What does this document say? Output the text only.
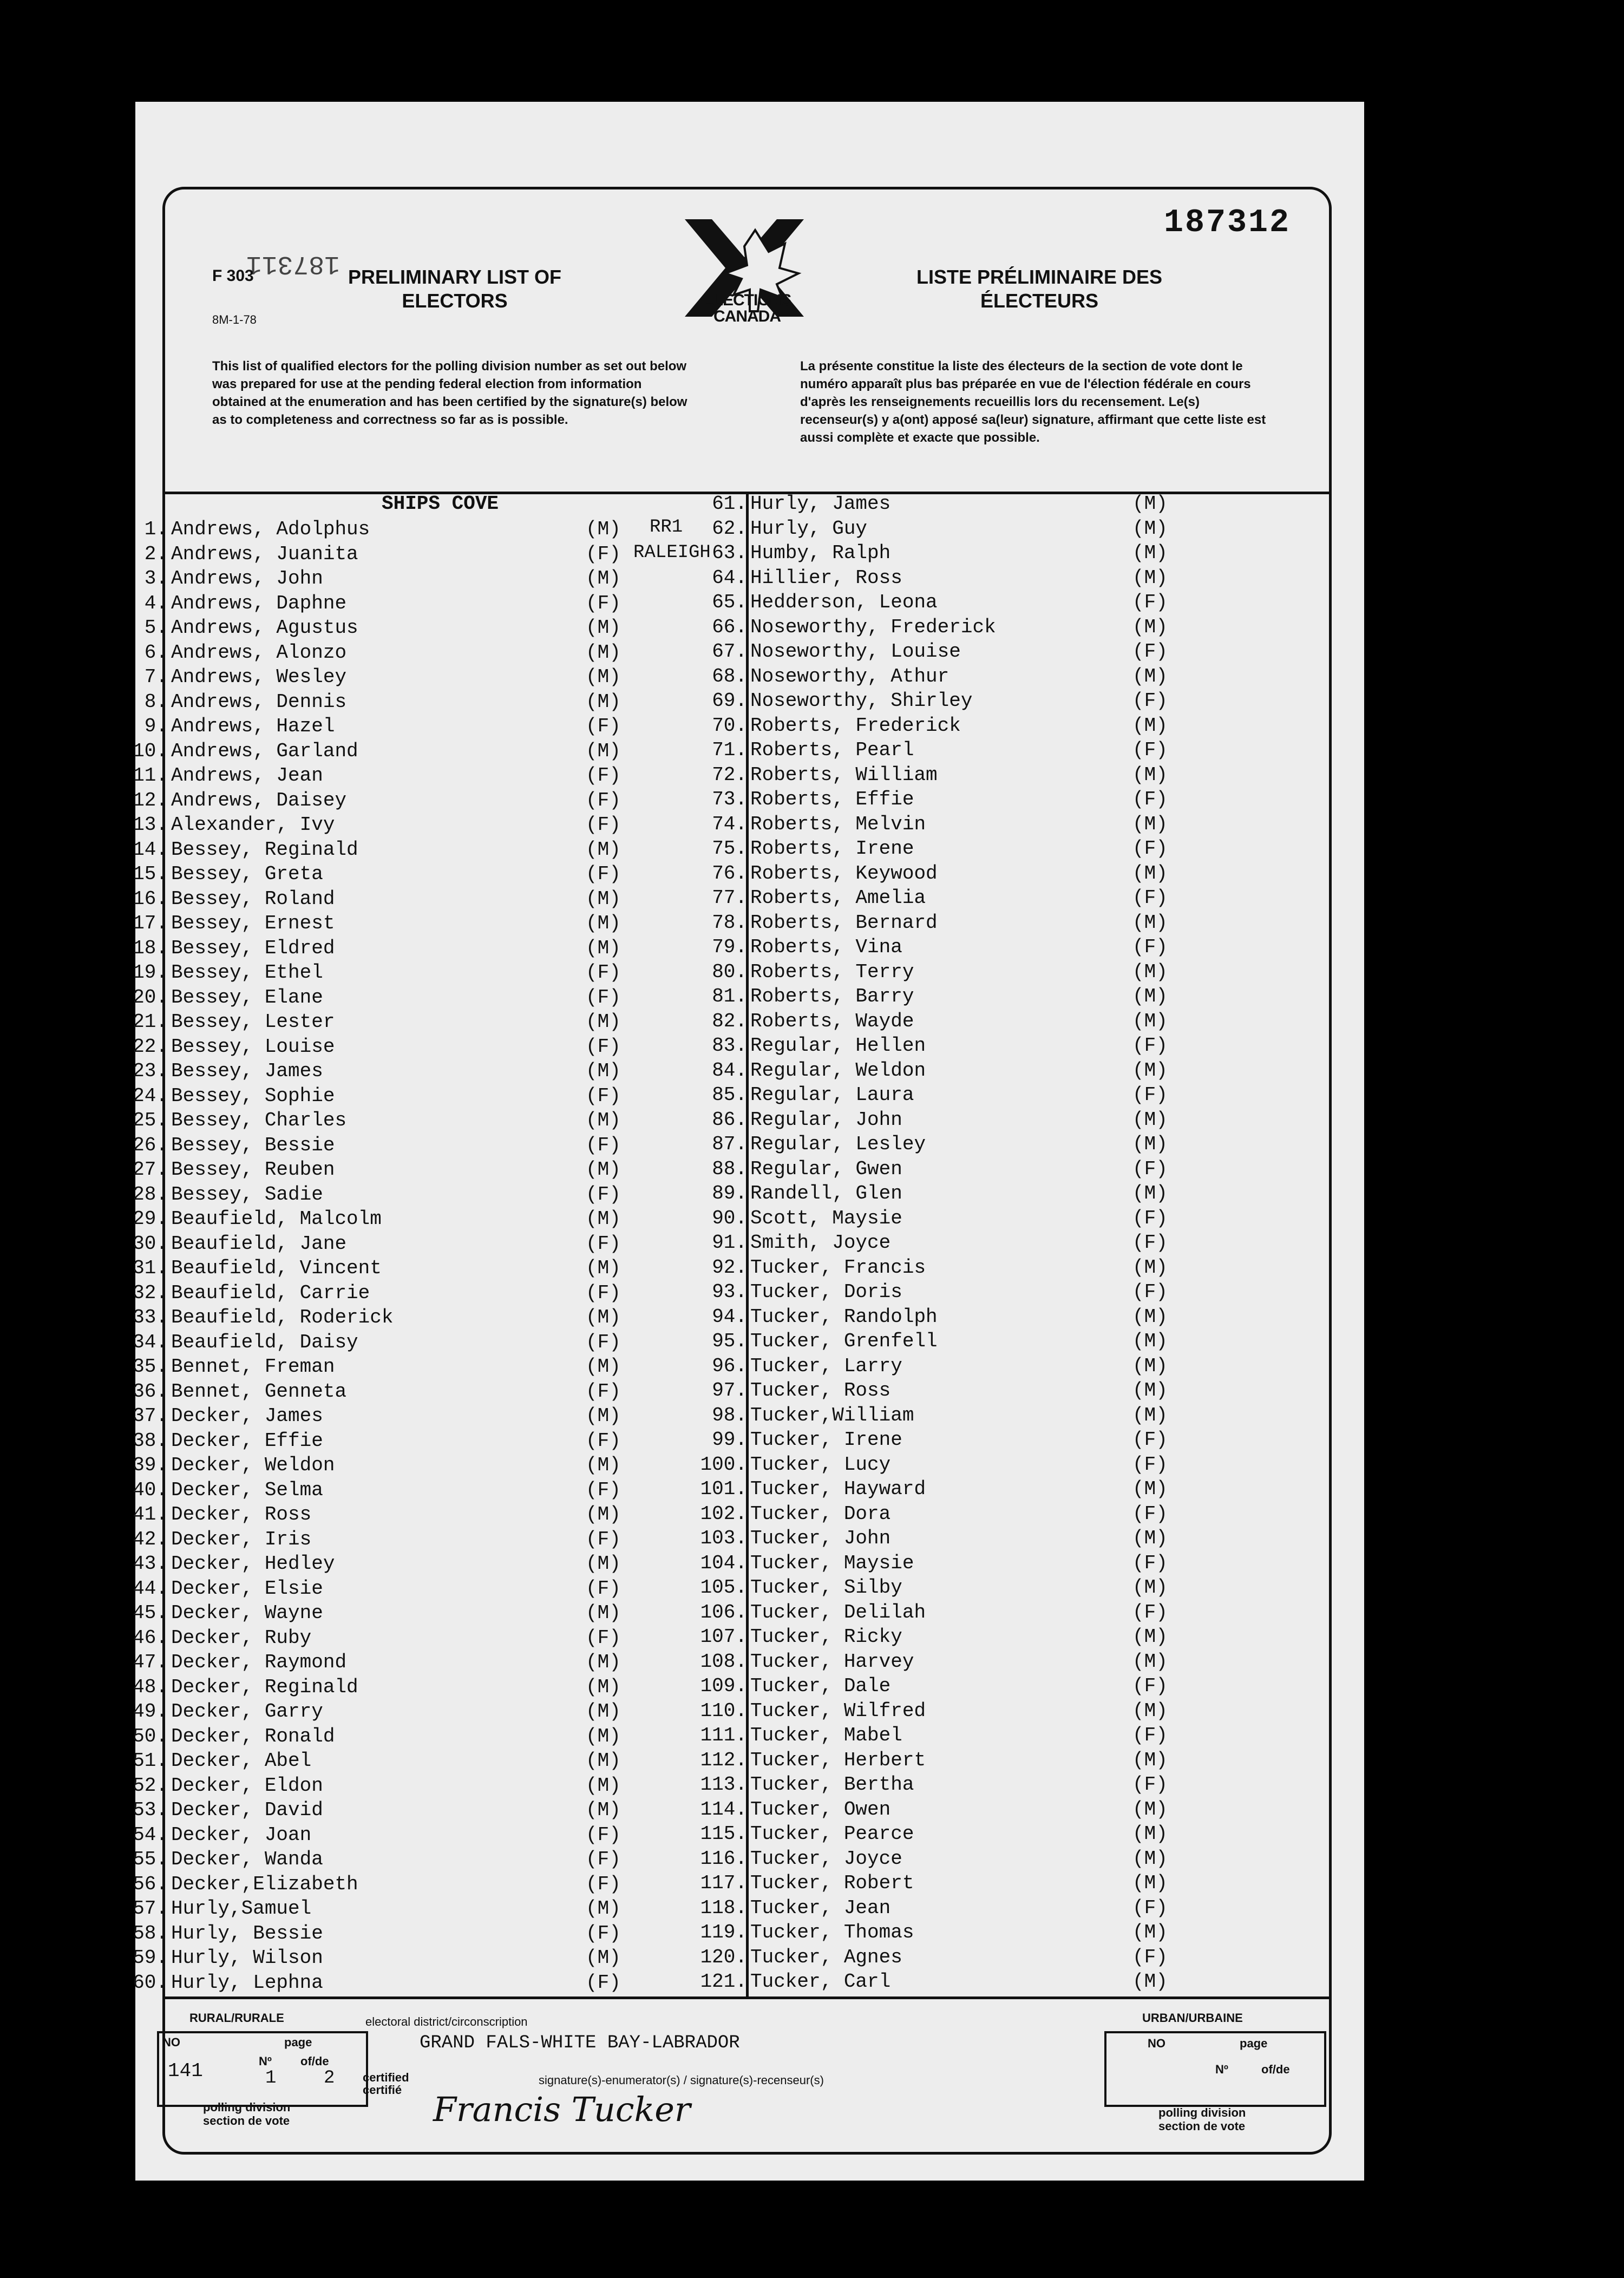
187312
187311
F 303
8M-1-78
PRELIMINARY LIST OF ELECTORS
LISTE PRÉLIMINAIRE DES ÉLECTEURS
ELECTIONS CANADA
This list of qualified electors for the polling division number as set out below was prepared for use at the pending federal election from information obtained at the enumeration and has been certified by the signature(s) below as to completeness and correctness so far as is possible.
La présente constitue la liste des électeurs de la section de vote dont le numéro apparaît plus bas préparée en vue de l'élection fédérale en cours d'après les renseignements recueillis lors du recensement. Le(s) recenseur(s) y a(ont) apposé sa(leur) signature, affirmant que cette liste est aussi complète et exacte que possible.
SHIPS COVE
RR1
RALEIGH
1. Andrews, Adolphus	(M)
2. Andrews, Juanita	(F)
3. Andrews, John	(M)
4. Andrews, Daphne	(F)
5. Andrews, Agustus	(M)
6. Andrews, Alonzo	(M)
7. Andrews, Wesley	(M)
8. Andrews, Dennis	(M)
9. Andrews, Hazel	(F)
10. Andrews, Garland	(M)
11. Andrews, Jean	(F)
12. Andrews, Daisey	(F)
13. Alexander, Ivy	(F)
14. Bessey, Reginald	(M)
15. Bessey, Greta	(F)
16. Bessey, Roland	(M)
17. Bessey, Ernest	(M)
18. Bessey, Eldred	(M)
19. Bessey, Ethel	(F)
20. Bessey, Elane	(F)
21. Bessey, Lester	(M)
22. Bessey, Louise	(F)
23. Bessey, James	(M)
24. Bessey, Sophie	(F)
25. Bessey, Charles	(M)
26. Bessey, Bessie	(F)
27. Bessey, Reuben	(M)
28. Bessey, Sadie	(F)
29. Beaufield, Malcolm	(M)
30. Beaufield, Jane	(F)
31. Beaufield, Vincent	(M)
32. Beaufield, Carrie	(F)
33. Beaufield, Roderick	(M)
34. Beaufield, Daisy	(F)
35. Bennet, Freman	(M)
36. Bennet, Genneta	(F)
37. Decker, James	(M)
38. Decker, Effie	(F)
39. Decker, Weldon	(M)
40. Decker, Selma	(F)
41. Decker, Ross	(M)
42. Decker, Iris	(F)
43. Decker, Hedley	(M)
44. Decker, Elsie	(F)
45. Decker, Wayne	(M)
46. Decker, Ruby	(F)
47. Decker, Raymond	(M)
48. Decker, Reginald	(M)
49. Decker, Garry	(M)
50. Decker, Ronald	(M)
51. Decker, Abel	(M)
52. Decker, Eldon	(M)
53. Decker, David	(M)
54. Decker, Joan	(F)
55. Decker, Wanda	(F)
56. Decker,Elizabeth	(F)
57. Hurly,Samuel	(M)
58. Hurly, Bessie	(F)
59. Hurly, Wilson	(M)
60. Hurly, Lephna	(F)
61. Hurly, James	(M)
62. Hurly, Guy	(M)
63. Humby, Ralph	(M)
64. Hillier, Ross	(M)
65. Hedderson, Leona	(F)
66. Noseworthy, Frederick	(M)
67. Noseworthy, Louise	(F)
68. Noseworthy, Athur	(M)
69. Noseworthy, Shirley	(F)
70. Roberts, Frederick	(M)
71. Roberts, Pearl	(F)
72. Roberts, William	(M)
73. Roberts, Effie	(F)
74. Roberts, Melvin	(M)
75. Roberts, Irene	(F)
76. Roberts, Keywood	(M)
77. Roberts, Amelia	(F)
78. Roberts, Bernard	(M)
79. Roberts, Vina	(F)
80. Roberts, Terry	(M)
81. Roberts, Barry	(M)
82. Roberts, Wayde	(M)
83. Regular, Hellen	(F)
84. Regular, Weldon	(M)
85. Regular, Laura	(F)
86. Regular, John	(M)
87. Regular, Lesley	(M)
88. Regular, Gwen	(F)
89. Randell, Glen	(M)
90. Scott, Maysie	(F)
91. Smith, Joyce	(F)
92. Tucker, Francis	(M)
93. Tucker, Doris	(F)
94. Tucker, Randolph	(M)
95. Tucker, Grenfell	(M)
96. Tucker, Larry	(M)
97. Tucker, Ross	(M)
98. Tucker,William	(M)
99. Tucker, Irene	(F)
100. Tucker, Lucy	(F)
101. Tucker, Hayward	(M)
102. Tucker, Dora	(F)
103. Tucker, John	(M)
104. Tucker, Maysie	(F)
105. Tucker, Silby	(M)
106. Tucker, Delilah	(F)
107. Tucker, Ricky	(M)
108. Tucker, Harvey	(M)
109. Tucker, Dale	(F)
110. Tucker, Wilfred	(M)
111. Tucker, Mabel	(F)
112. Tucker, Herbert	(M)
113. Tucker, Bertha	(F)
114. Tucker, Owen	(M)
115. Tucker, Pearce	(M)
116. Tucker, Joyce	(M)
117. Tucker, Robert	(M)
118. Tucker, Jean	(F)
119. Tucker, Thomas	(M)
120. Tucker, Agnes	(F)
121. Tucker, Carl	(M)
RURAL/RURALE	URBAN/URBAINE
electoral district/circonscription
NO	page
141	Nº
1
of/de
2
polling division
section de vote
GRAND FALS-WHITE BAY-LABRADOR
certified
certifié
signature(s)-enumerator(s) / signature(s)-recenseur(s)
Francis Tucker
NO	page
Nº	of/de
polling division
section de vote
